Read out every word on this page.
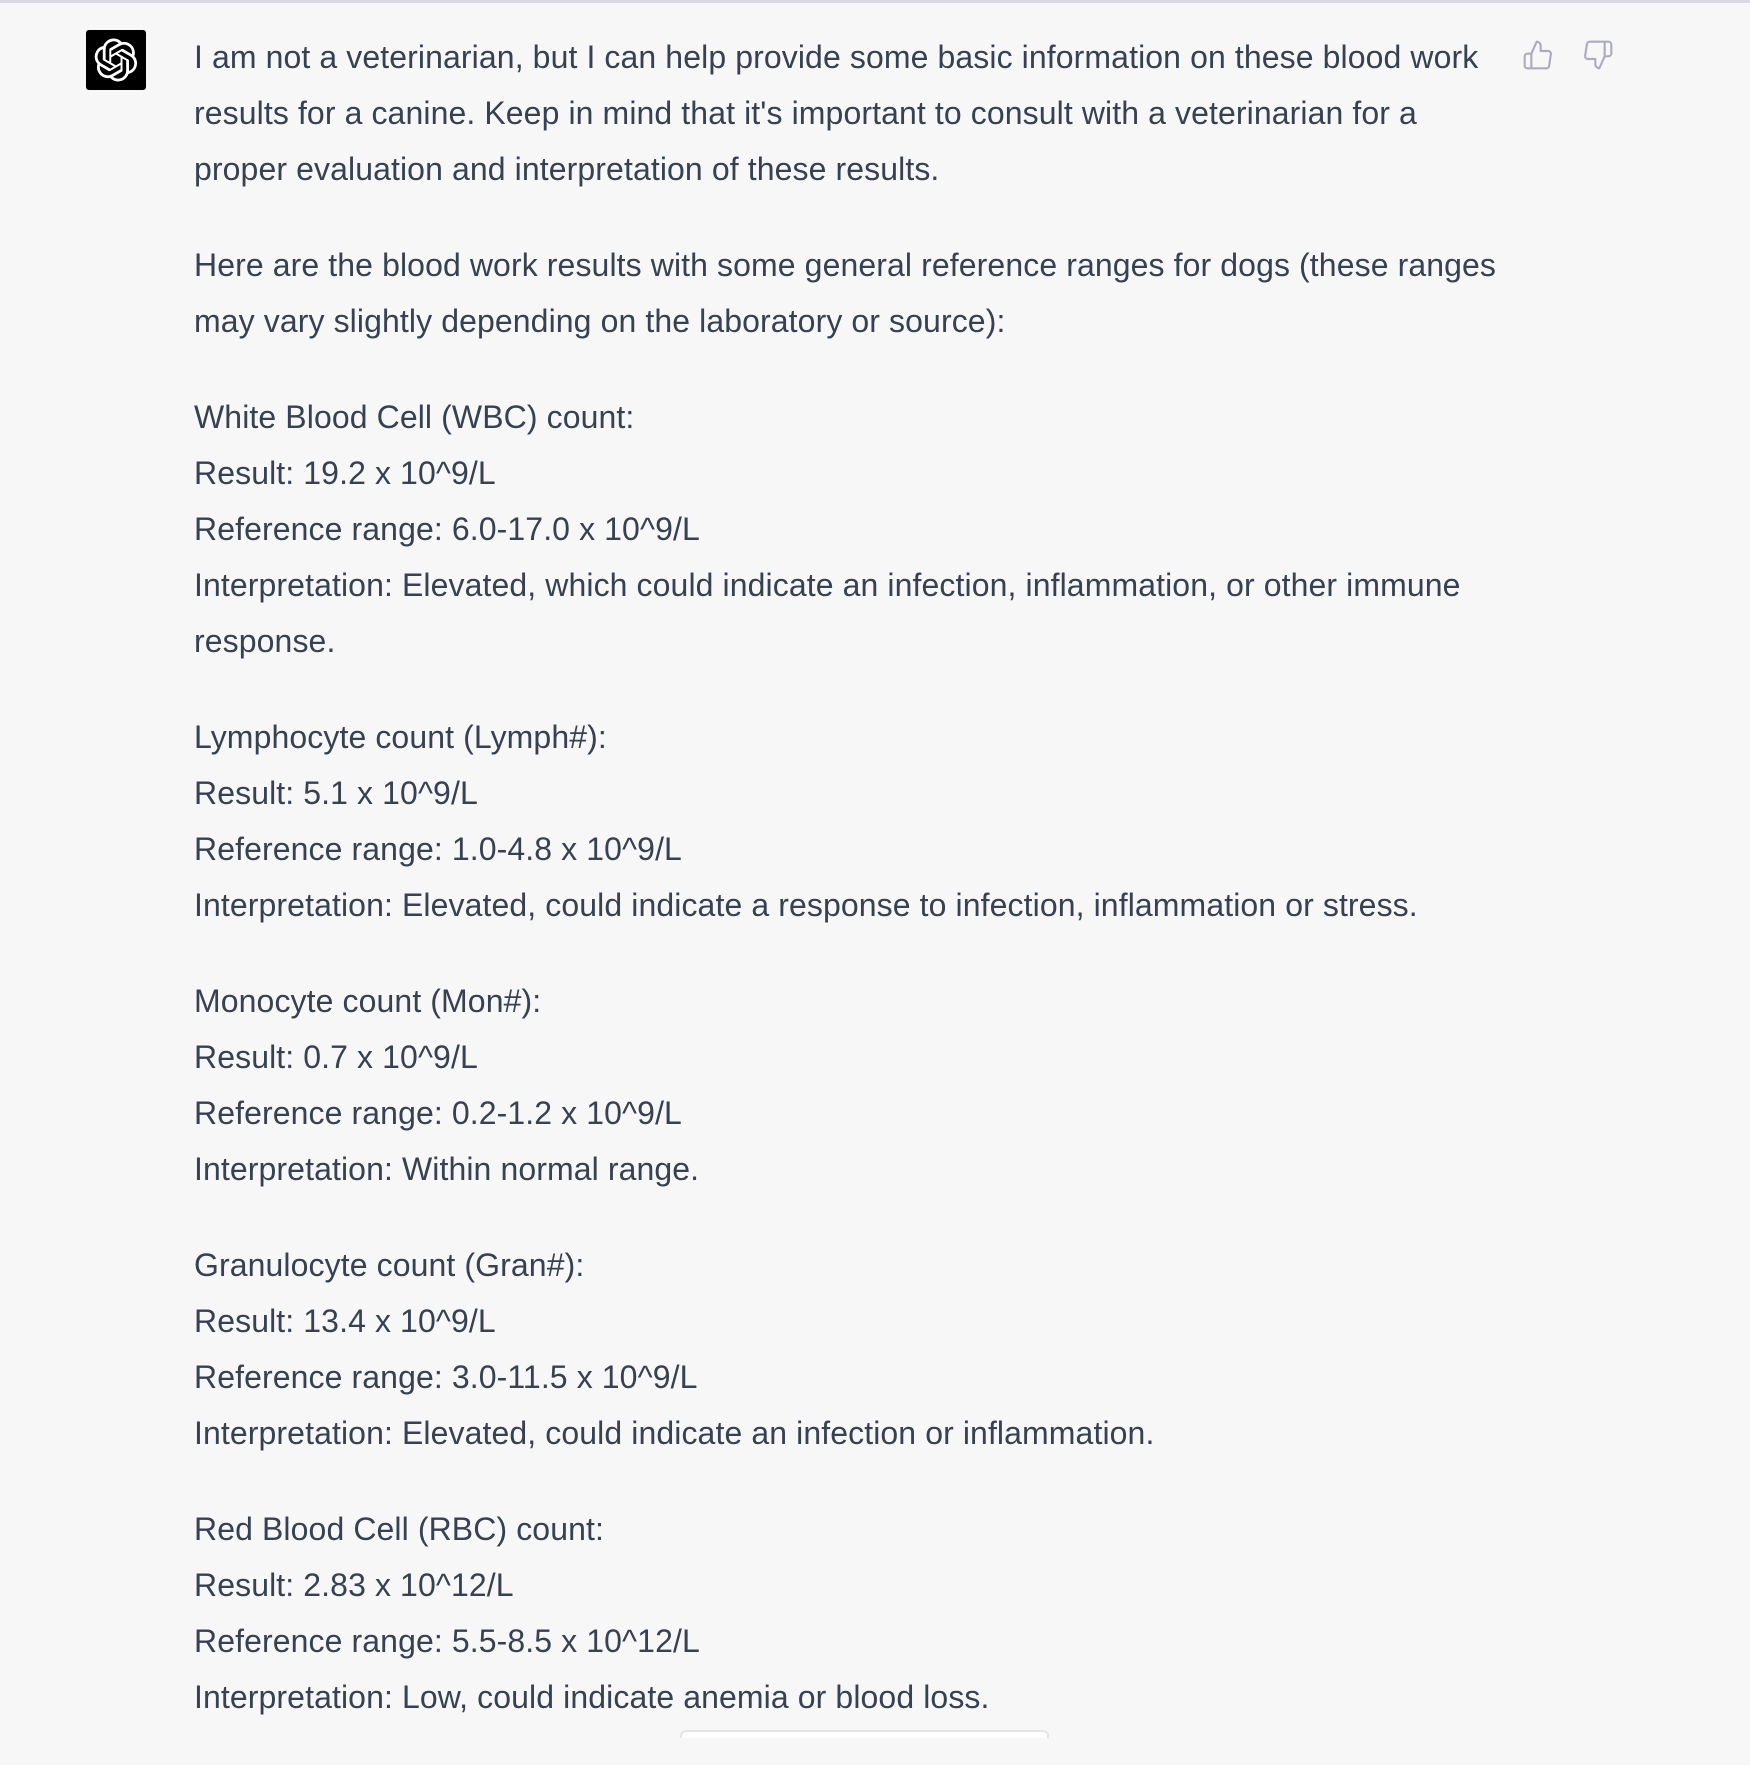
I am not a veterinarian, but I can help provide some basic information on these blood work results for a canine. Keep in mind that it's important to consult with a veterinarian for a proper evaluation and interpretation of these results.

Here are the blood work results with some general reference ranges for dogs (these ranges may vary slightly depending on the laboratory or source):

White Blood Cell (WBC) count:
Result: 19.2 x 10^9/L
Reference range: 6.0-17.0 x 10^9/L
Interpretation: Elevated, which could indicate an infection, inflammation, or other immune response.
Lymphocyte count (Lymph#):
Result: 5.1 x 10^9/L
Reference range: 1.0-4.8 x 10^9/L
Interpretation: Elevated, could indicate a response to infection, inflammation or stress.
Monocyte count (Mon#):
Result: 0.7 x 10^9/L
Reference range: 0.2-1.2 x 10^9/L
Interpretation: Within normal range.
Granulocyte count (Gran#):
Result: 13.4 x 10^9/L
Reference range: 3.0-11.5 x 10^9/L
Interpretation: Elevated, could indicate an infection or inflammation.
Red Blood Cell (RBC) count:
Result: 2.83 x 10^12/L
Reference range: 5.5-8.5 x 10^12/L
Interpretation: Low, could indicate anemia or blood loss.
